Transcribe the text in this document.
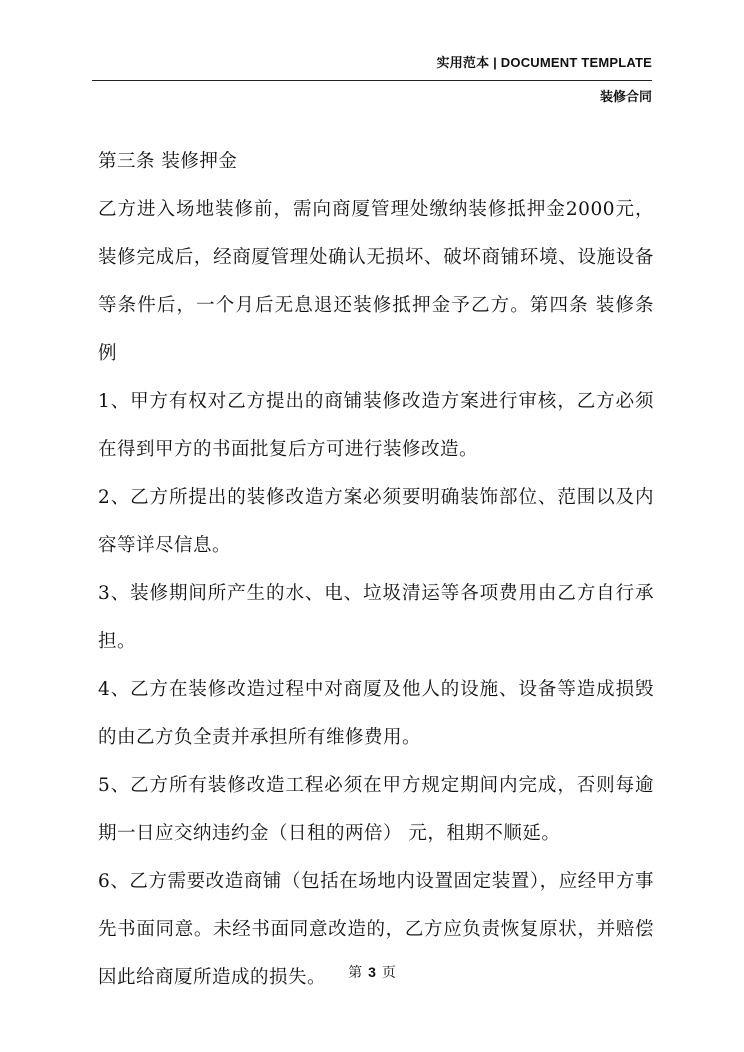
实用范本 | DOCUMENT TEMPLATE
装修合同

第三条 装修押金

乙方进入场地装修前，需向商厦管理处缴纳装修抵押金2000元，装修完成后，经商厦管理处确认无损坏、破坏商铺环境、设施设备等条件后，一个月后无息退还装修抵押金予乙方。第四条 装修条例

1、甲方有权对乙方提出的商铺装修改造方案进行审核，乙方必须在得到甲方的书面批复后方可进行装修改造。

2、乙方所提出的装修改造方案必须要明确装饰部位、范围以及内容等详尽信息。

3、装修期间所产生的水、电、垃圾清运等各项费用由乙方自行承担。

4、乙方在装修改造过程中对商厦及他人的设施、设备等造成损毁的由乙方负全责并承担所有维修费用。

5、乙方所有装修改造工程必须在甲方规定期间内完成，否则每逾期一日应交纳违约金（日租的两倍） 元，租期不顺延。

6、乙方需要改造商铺（包括在场地内设置固定装置），应经甲方事先书面同意。未经书面同意改造的，乙方应负责恢复原状，并赔偿因此给商厦所造成的损失。	第 3 页
